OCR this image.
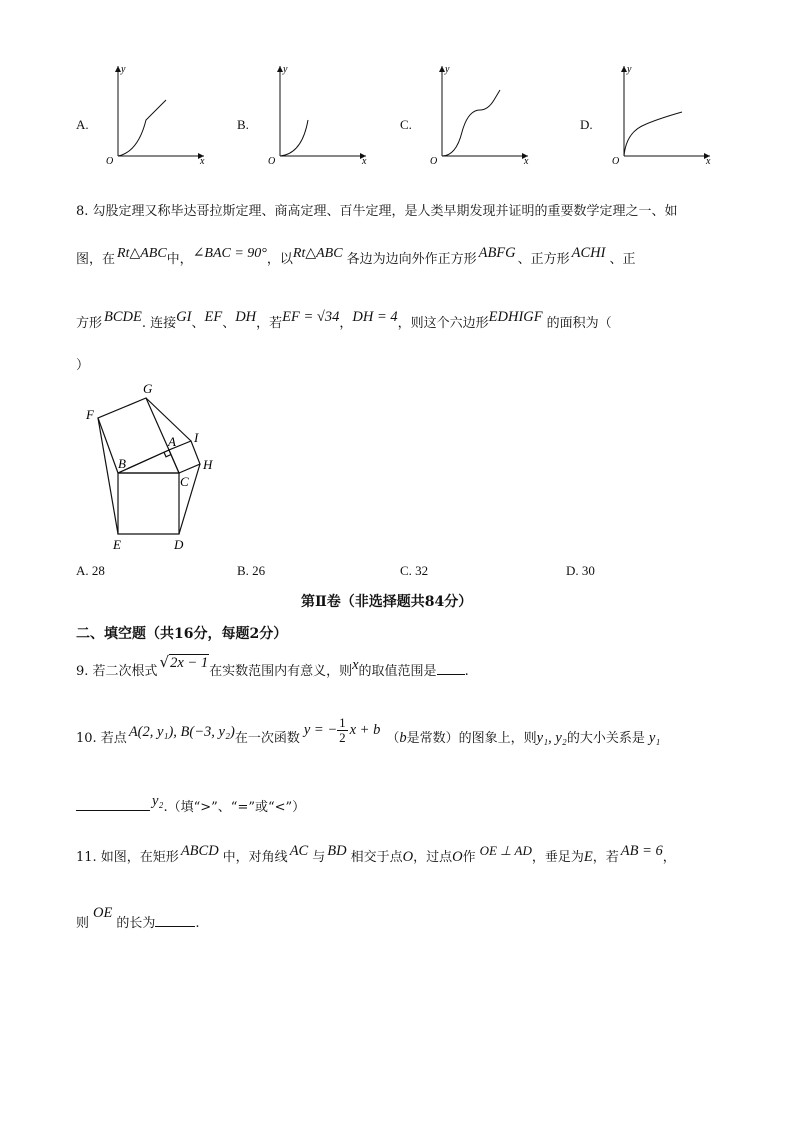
A.
y
x
O
B.
y
x
O
C.
y
x
O
D.
y
x
O
8. 勾股定理又称毕达哥拉斯定理、商高定理、百牛定理，是人类早期发现并证明的重要数学定理之一、如
图，在 Rt△ABC中，∠BAC = 90°，以Rt△ABC 各边为边向外作正方形 ABFG 、正方形 ACHI 、正
方形 BCDE. 连接GI、EF、DH，若EF = √34，DH = 4，则这个六边形EDHIGF 的面积为（
）
G
F
A I
B	H
C
E	D
A. 28	B. 26	C. 32	D. 30
第Ⅱ卷（非选择题共84分）
二、填空题（共16分，每题2分）
9. 若二次根式√2x − 1在实数范围内有意义，则x的取值范围是 .
10. 若点 A(2, y₁), B(−3, y₂)在一次函数y = − $\frac{1}{2}$ x + b（b是常数）的图象上，则y₁, y₂的大小关系是 y₁
y₂.（填“>”、“=”或“<”）
11. 如图，在矩形 ABCD 中，对角线 AC 与 BD 相交于点O，过点O作 OE ⊥ AD，垂足为E，若 AB = 6，
则OE的长为	.
